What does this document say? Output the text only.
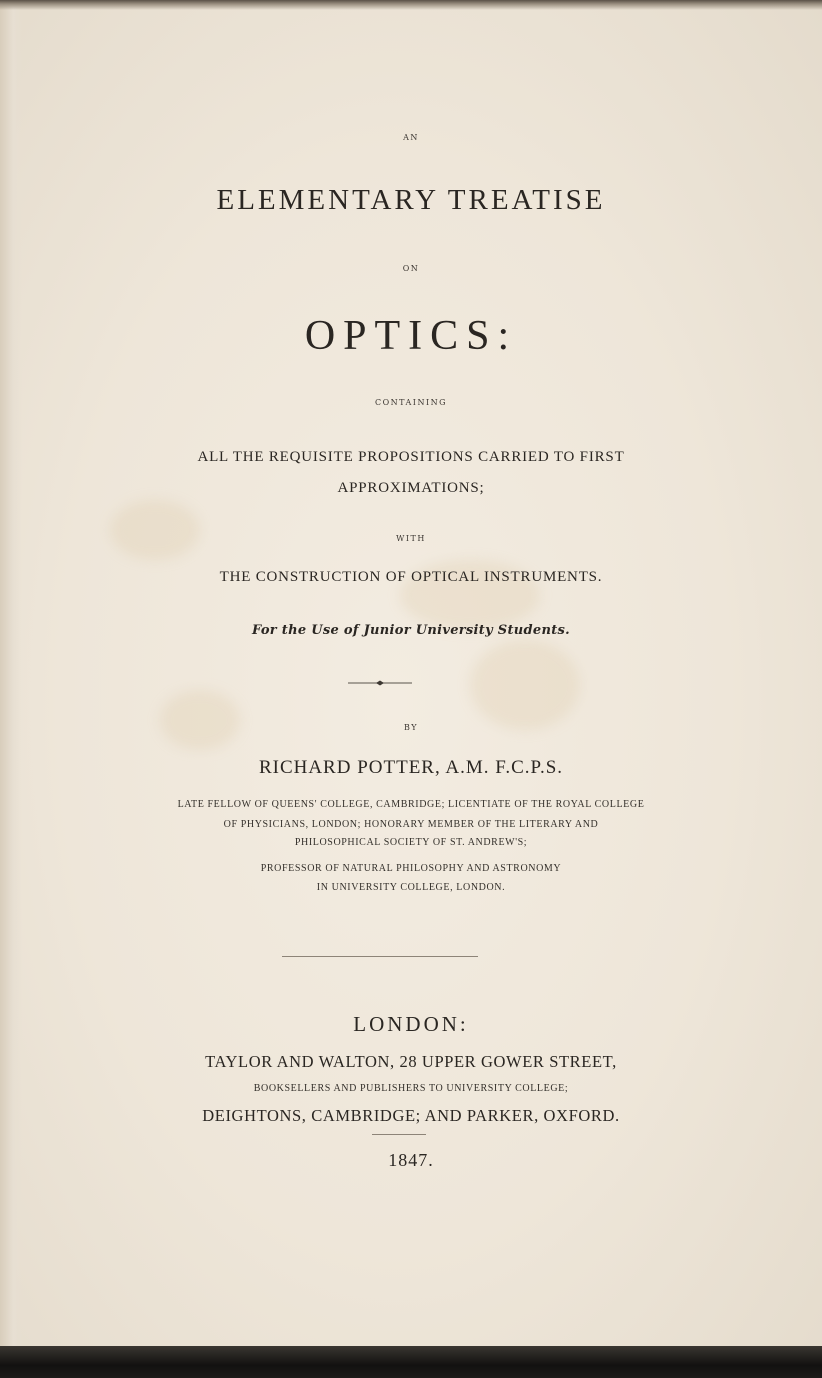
AN
ELEMENTARY TREATISE
ON
OPTICS:
CONTAINING
ALL THE REQUISITE PROPOSITIONS CARRIED TO FIRST
APPROXIMATIONS;
WITH
THE CONSTRUCTION OF OPTICAL INSTRUMENTS.
For the Use of Junior University Students.
BY
RICHARD POTTER, A.M. F.C.P.S.
LATE FELLOW OF QUEENS' COLLEGE, CAMBRIDGE; LICENTIATE OF THE ROYAL COLLEGE
OF PHYSICIANS, LONDON; HONORARY MEMBER OF THE LITERARY AND
PHILOSOPHICAL SOCIETY OF ST. ANDREW'S;
PROFESSOR OF NATURAL PHILOSOPHY AND ASTRONOMY
IN UNIVERSITY COLLEGE, LONDON.
LONDON:
TAYLOR AND WALTON, 28 UPPER GOWER STREET,
BOOKSELLERS AND PUBLISHERS TO UNIVERSITY COLLEGE;
DEIGHTONS, CAMBRIDGE; AND PARKER, OXFORD.
1847.
